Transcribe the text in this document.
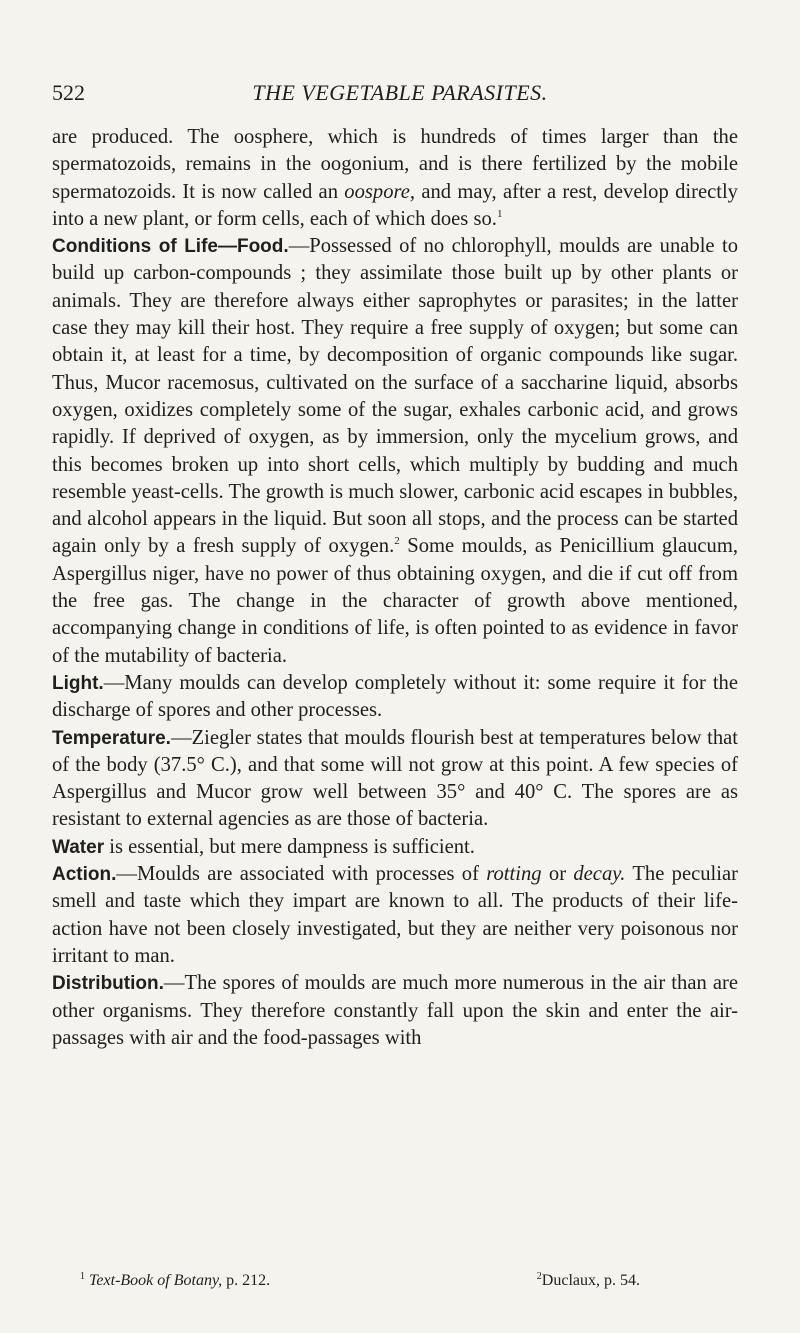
522	THE VEGETABLE PARASITES.

are produced. The oosphere, which is hundreds of times larger than the spermatozoids, remains in the oogonium, and is there fertilized by the mobile spermatozoids. It is now called an oospore, and may, after a rest, develop directly into a new plant, or form cells, each of which does so.$^1$

Conditions of Life—Food.—Possessed of no chlorophyll, moulds are unable to build up carbon-compounds ; they assimilate those built up by other plants or animals. They are therefore always either saprophytes or parasites; in the latter case they may kill their host. They require a free supply of oxygen; but some can obtain it, at least for a time, by decomposition of organic compounds like sugar. Thus, Mucor racemosus, cultivated on the surface of a saccharine liquid, absorbs oxygen, oxidizes completely some of the sugar, exhales carbonic acid, and grows rapidly. If deprived of oxygen, as by immersion, only the mycelium grows, and this becomes broken up into short cells, which multiply by budding and much resemble yeast-cells. The growth is much slower, carbonic acid escapes in bubbles, and alcohol appears in the liquid. But soon all stops, and the process can be started again only by a fresh supply of oxygen.$^2$ Some moulds, as Penicillium glaucum, Aspergillus niger, have no power of thus obtaining oxygen, and die if cut off from the free gas. The change in the character of growth above mentioned, accompanying change in conditions of life, is often pointed to as evidence in favor of the mutability of bacteria.

Light.—Many moulds can develop completely without it: some require it for the discharge of spores and other processes.

Temperature.—Ziegler states that moulds flourish best at temperatures below that of the body (37.5° C.), and that some will not grow at this point. A few species of Aspergillus and Mucor grow well between 35° and 40° C. The spores are as resistant to external agencies as are those of bacteria.

Water is essential, but mere dampness is sufficient.

Action.—Moulds are associated with processes of rotting or decay. The peculiar smell and taste which they impart are known to all. The products of their life-action have not been closely investigated, but they are neither very poisonous nor irritant to man.

Distribution.—The spores of moulds are much more numerous in the air than are other organisms. They therefore constantly fall upon the skin and enter the air-passages with air and the food-passages with

$^1$ Text-Book of Botany, p. 212.	$^2$Duclaux, p. 54.
